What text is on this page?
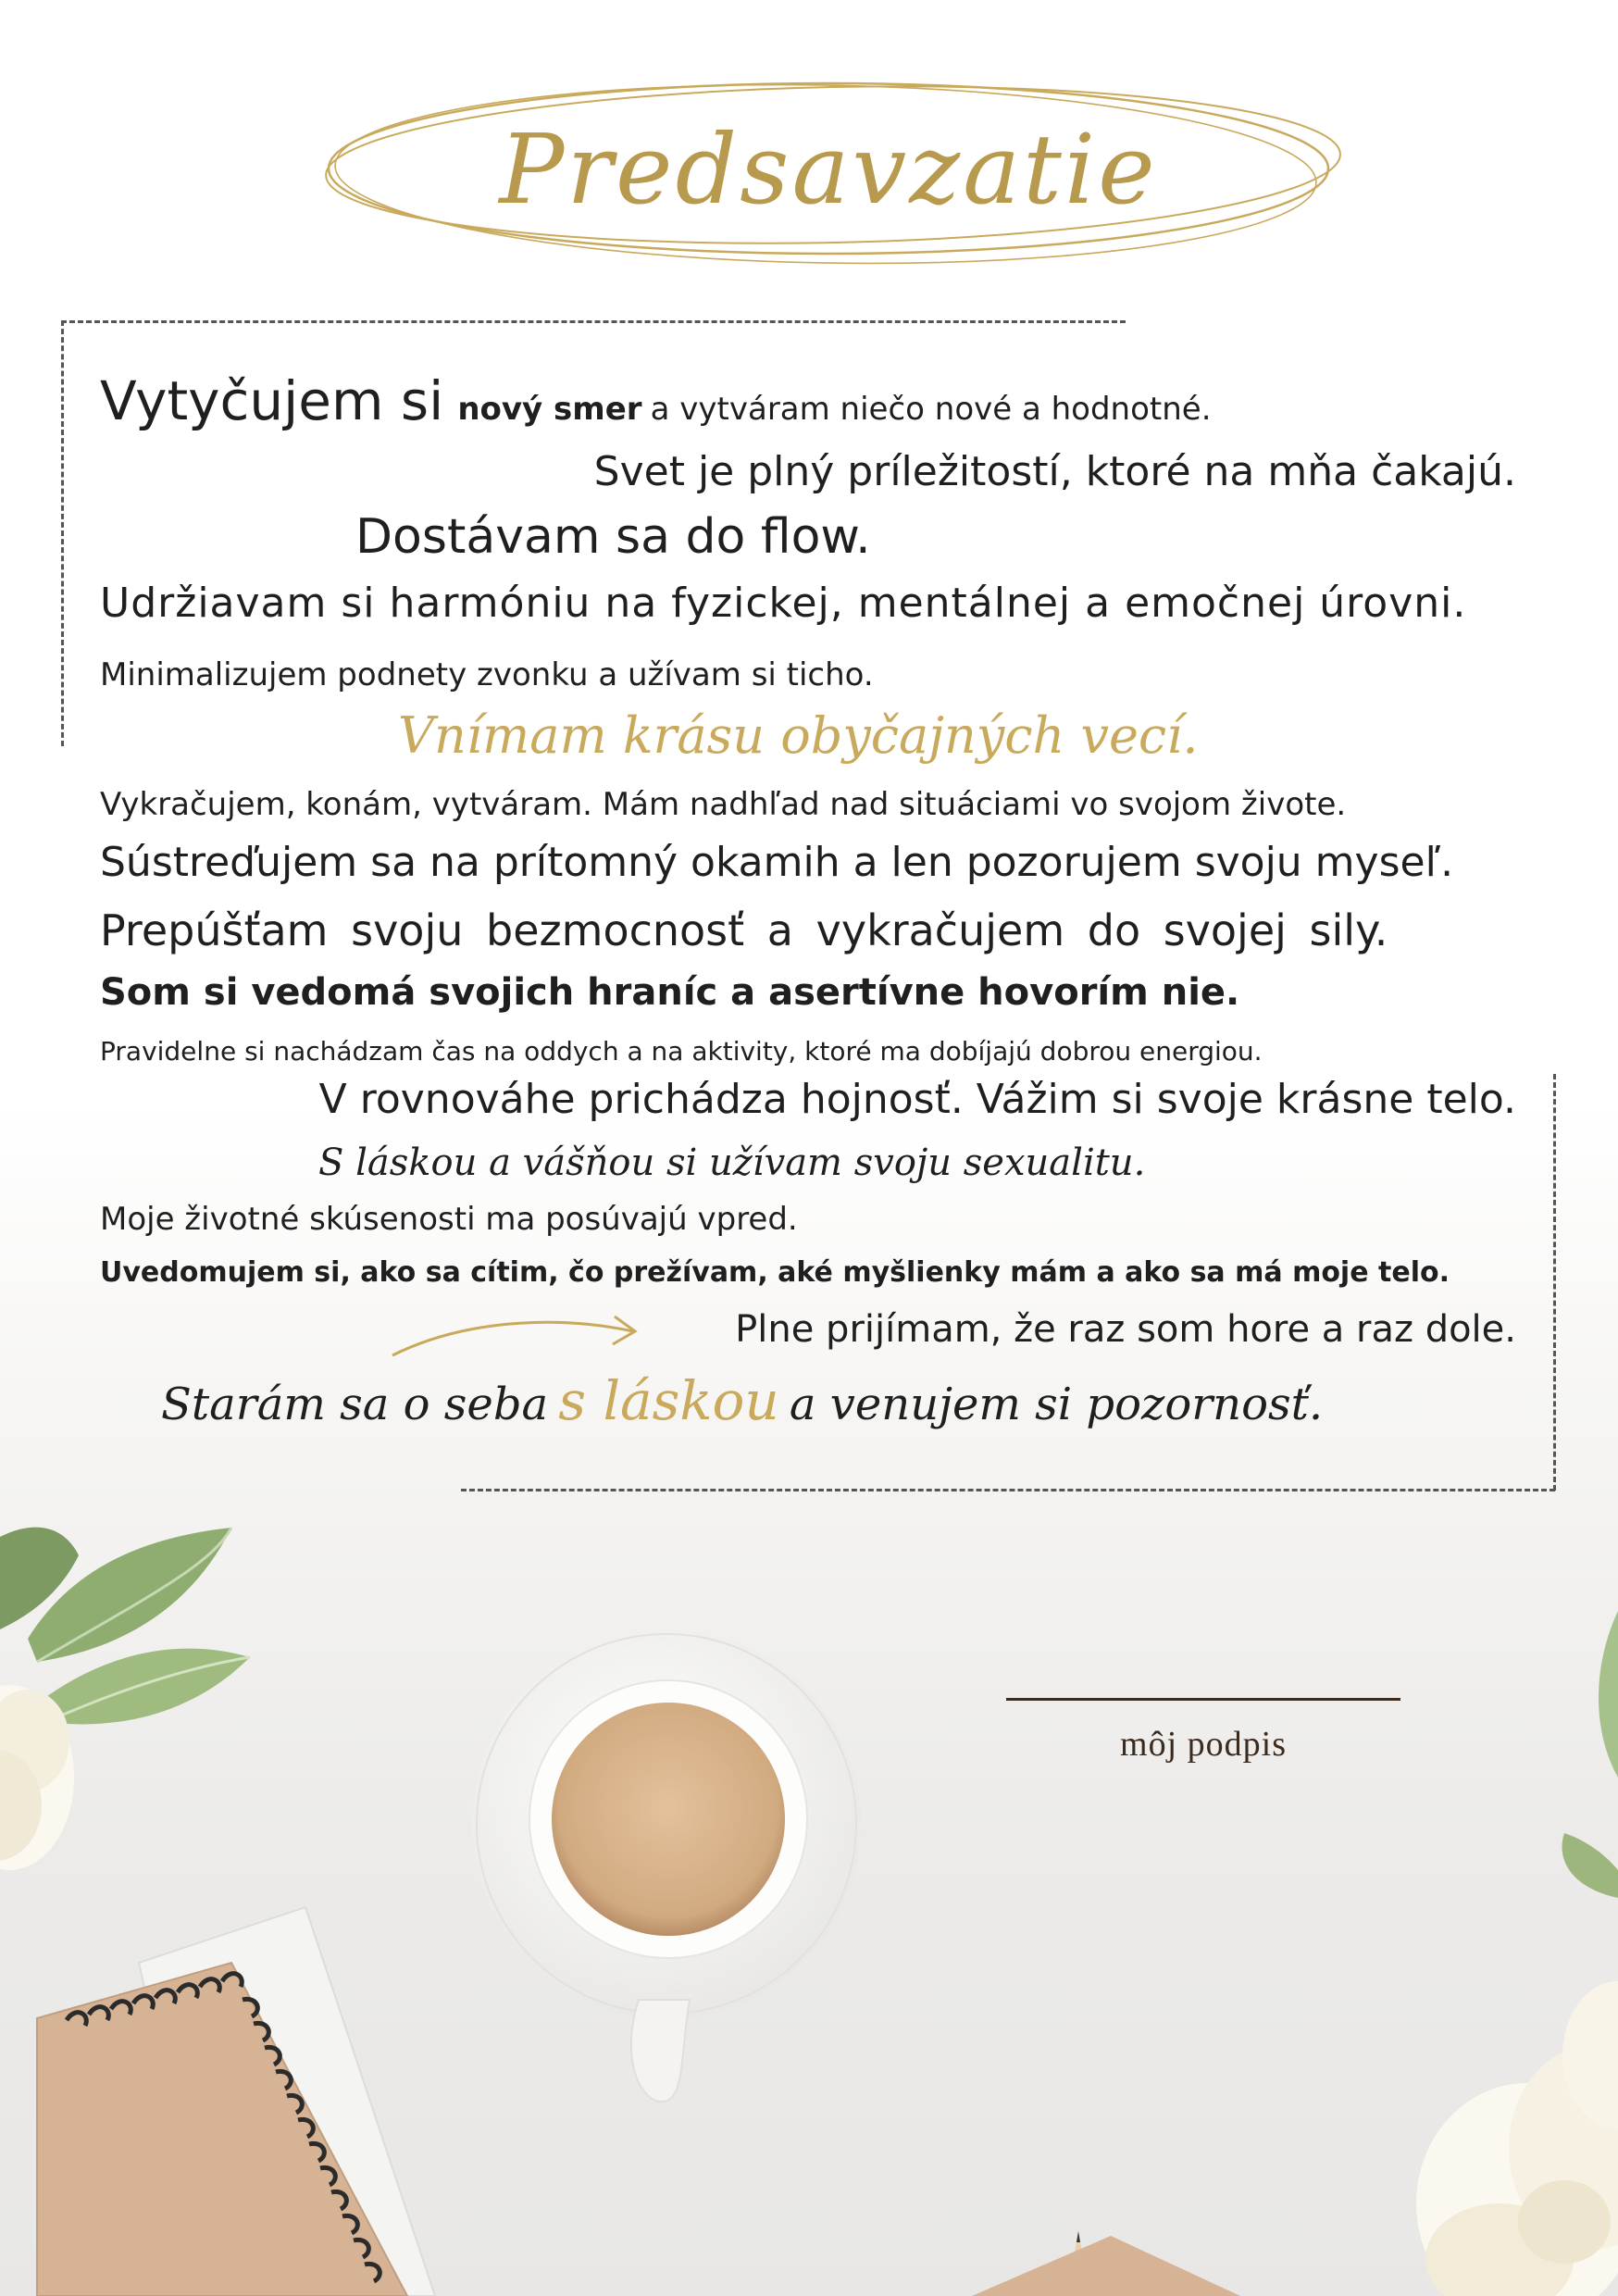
Predsavzatie
Vytyčujem si nový smer a vytváram niečo nové a hodnotné.
Svet je plný príležitostí, ktoré na mňa čakajú.
Dostávam sa do flow.
Udržiavam si harmóniu na fyzickej, mentálnej a emočnej úrovni.
Minimalizujem podnety zvonku a užívam si ticho.
Vnímam krásu obyčajných vecí.
Vykračujem, konám, vytváram. Mám nadhľad nad situáciami vo svojom živote.
Sústreďujem sa na prítomný okamih a len pozorujem svoju myseľ.
Prepúšťam svoju bezmocnosť a vykračujem do svojej sily.
Som si vedomá svojich hraníc a asertívne hovorím nie.
Pravidelne si nachádzam čas na oddych a na aktivity, ktoré ma dobíjajú dobrou energiou.
V rovnováhe prichádza hojnosť. Vážim si svoje krásne telo.
S láskou a vášňou si užívam svoju sexualitu.
Moje životné skúsenosti ma posúvajú vpred.
Uvedomujem si, ako sa cítim, čo prežívam, aké myšlienky mám a ako sa má moje telo.
Plne prijímam, že raz som hore a raz dole.
Starám sa o seba s láskou a venujem si pozornosť.
môj podpis
